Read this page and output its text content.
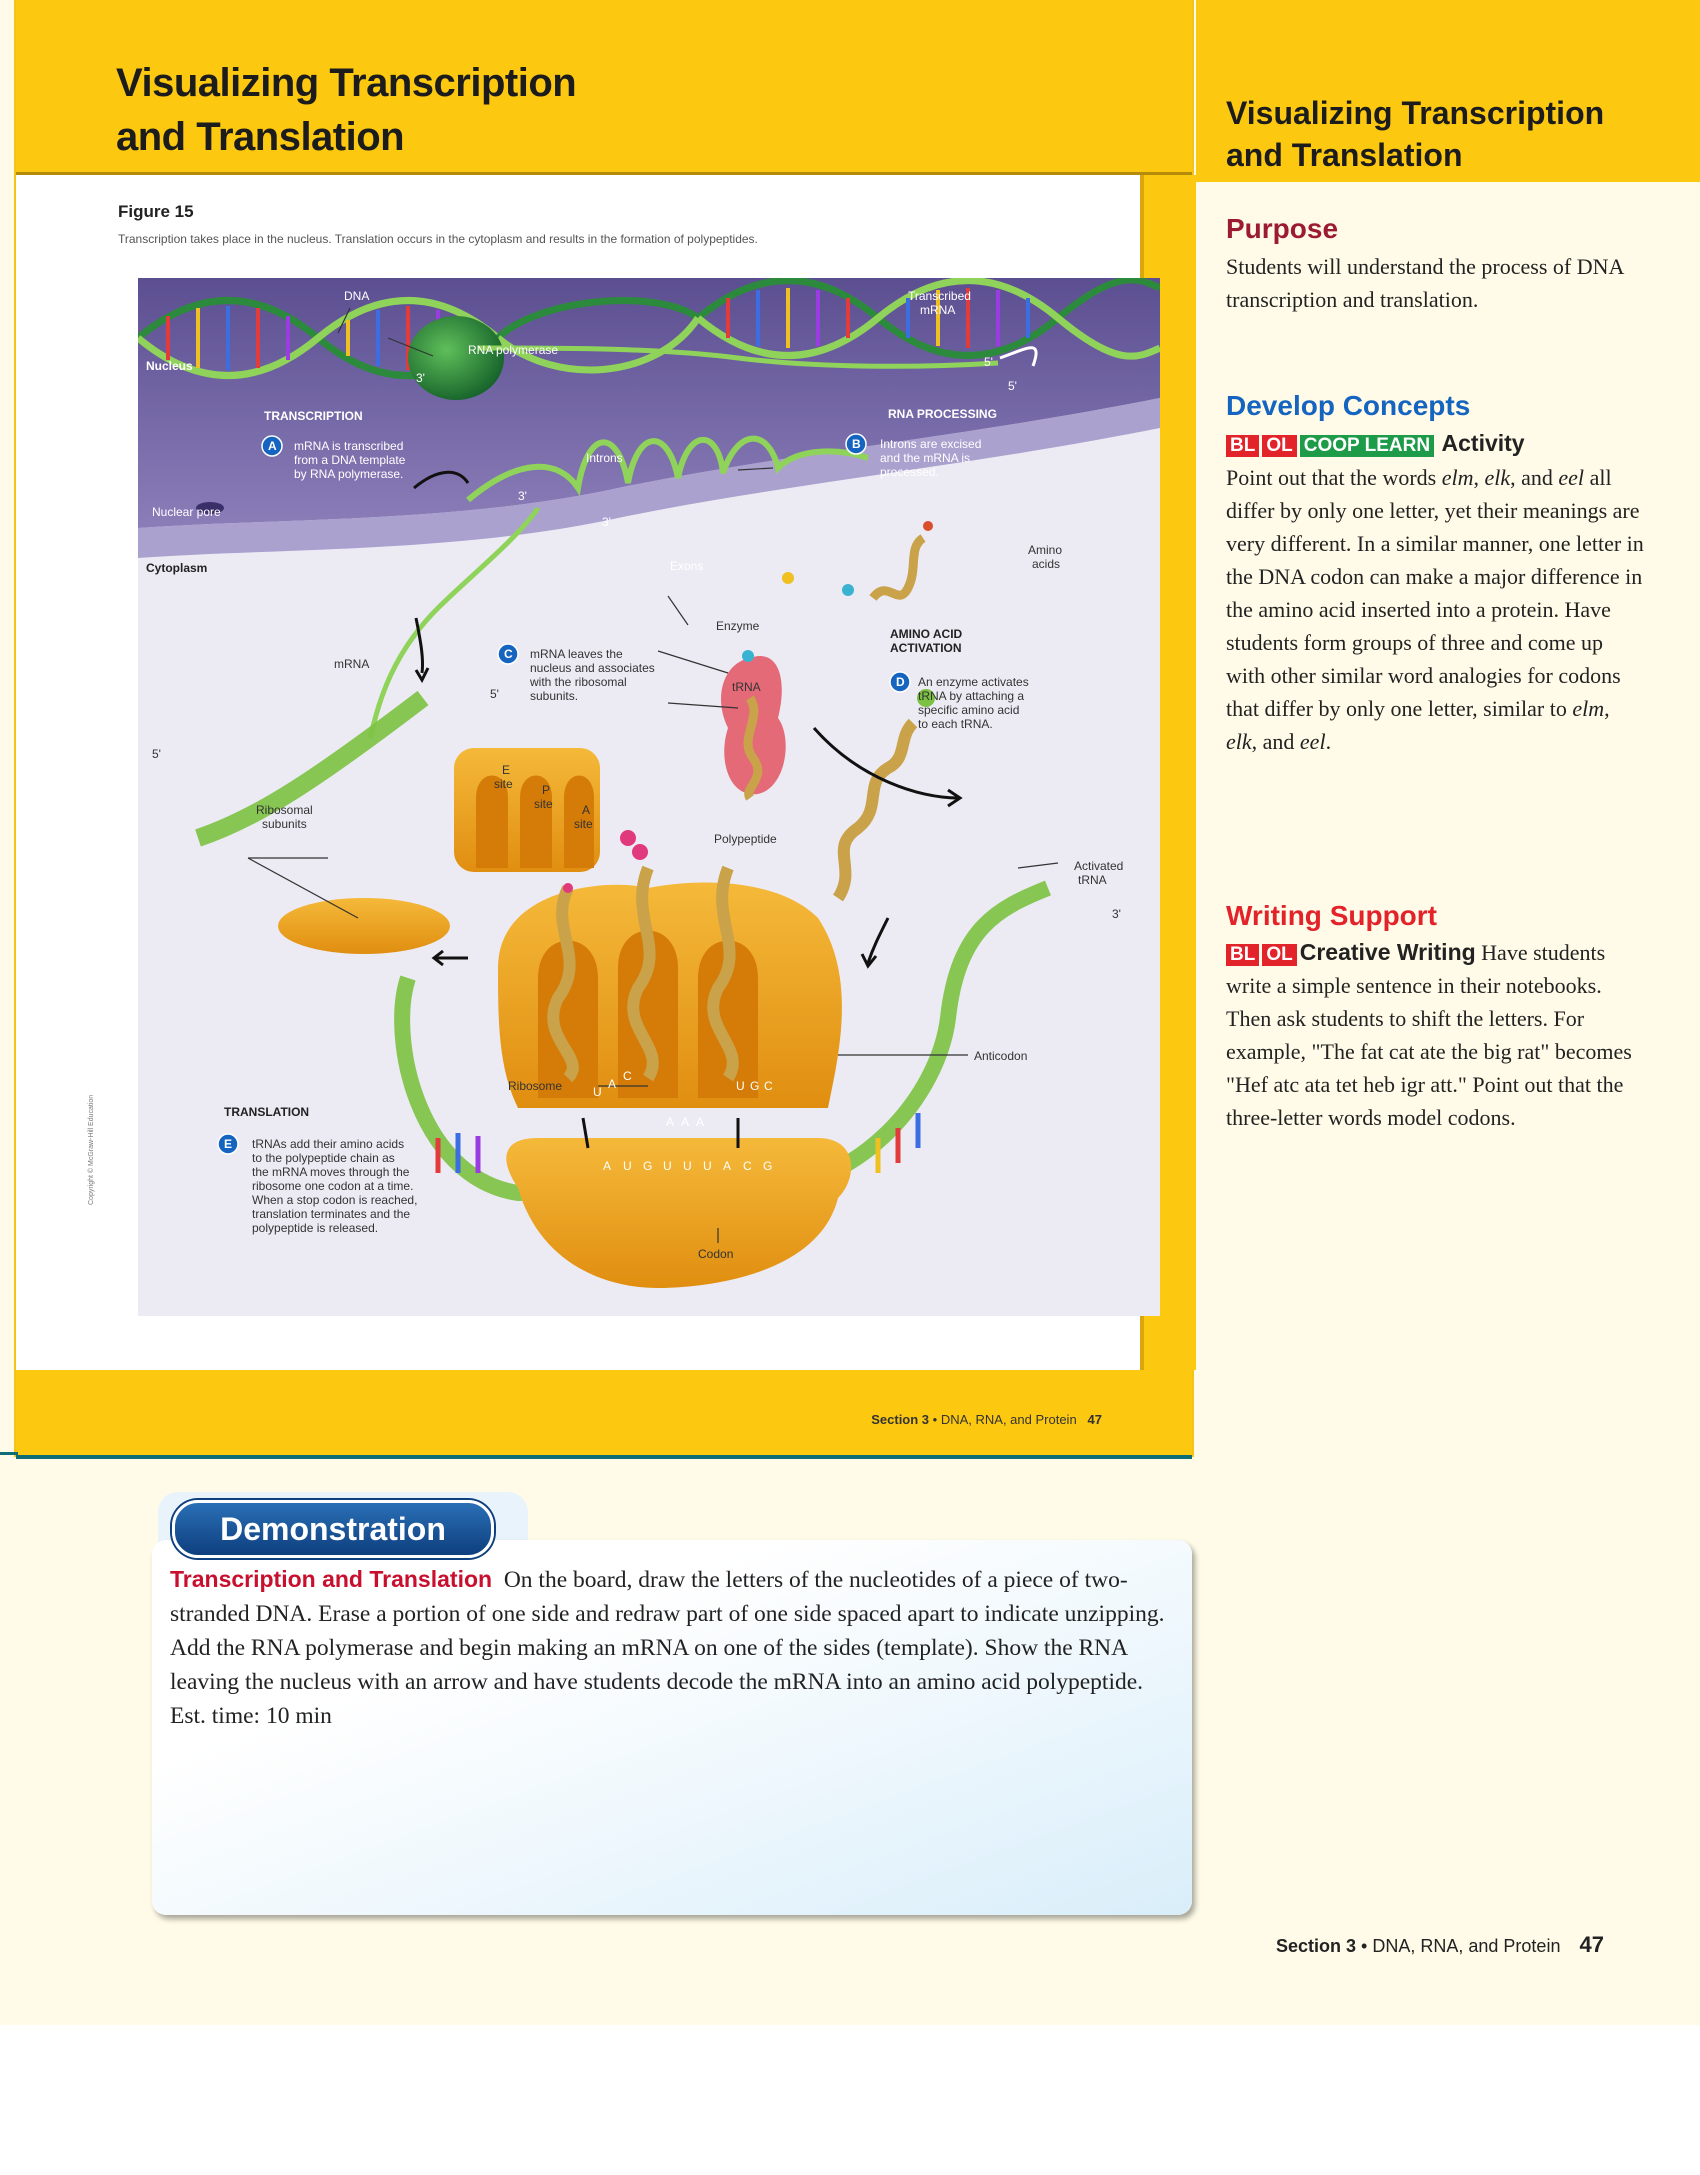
Visualizing Transcription
and Translation
Figure 15
Transcription takes place in the nucleus. Translation occurs in the cytoplasm and results in the formation of polypeptides.
DNA
RNA polymerase
Transcribed
mRNA
Nucleus
3'
5'
5'
TRANSCRIPTION
A mRNA is transcribed
from a DNA template
by RNA polymerase.
RNA PROCESSING
B Introns are excised
and the mRNA is
processed.
Introns
Nuclear pore
3'
3'
Exons
Amino
acids
Cytoplasm
Enzyme
tRNA
AMINO ACID
ACTIVATION
D An enzyme activates
tRNA by attaching a
specific amino acid
to each tRNA.
C mRNA leaves the
nucleus and associates
with the ribosomal
subunits.
5'
mRNA
5'
Ribosomal
subunits
E
site P
site A
site
Polypeptide
Activated
tRNA
3'
Anticodon
Ribosome
Codon
TRANSLATION
E tRNAs add their amino acids
to the polypeptide chain as
the mRNA moves through the
ribosome one codon at a time.
When a stop codon is reached,
translation terminates and the
polypeptide is released.
U
A
C
A A A
U G C
A U G U U U A C G
Copyright © McGraw-Hill Education
Section 3 • DNA, RNA, and Protein 47
Visualizing Transcription
and Translation
Purpose
Students will understand the process of DNA transcription and translation.
Develop Concepts
BL OL COOP LEARN Activity
Point out that the words elm, elk, and eel all differ by only one letter, yet their meanings are very different. In a similar manner, one letter in the DNA codon can make a major difference in the amino acid inserted into a protein. Have students form groups of three and come up with other similar word analogies for codons that differ by only one letter, similar to elm, elk, and eel.
Writing Support
BL OL Creative Writing Have students write a simple sentence in their notebooks. Then ask students to shift the letters. For example, "The fat cat ate the big rat" becomes "Hef atc ata tet heb igr att." Point out that the three-letter words model codons.
Demonstration
Transcription and Translation On the board, draw the letters of the nucleotides of a piece of two-stranded DNA. Erase a portion of one side and redraw part of one side spaced apart to indicate unzipping. Add the RNA polymerase and begin making an mRNA on one of the sides (template). Show the RNA leaving the nucleus with an arrow and have students decode the mRNA into an amino acid polypeptide. Est. time: 10 min
Section 3 • DNA, RNA, and Protein 47
